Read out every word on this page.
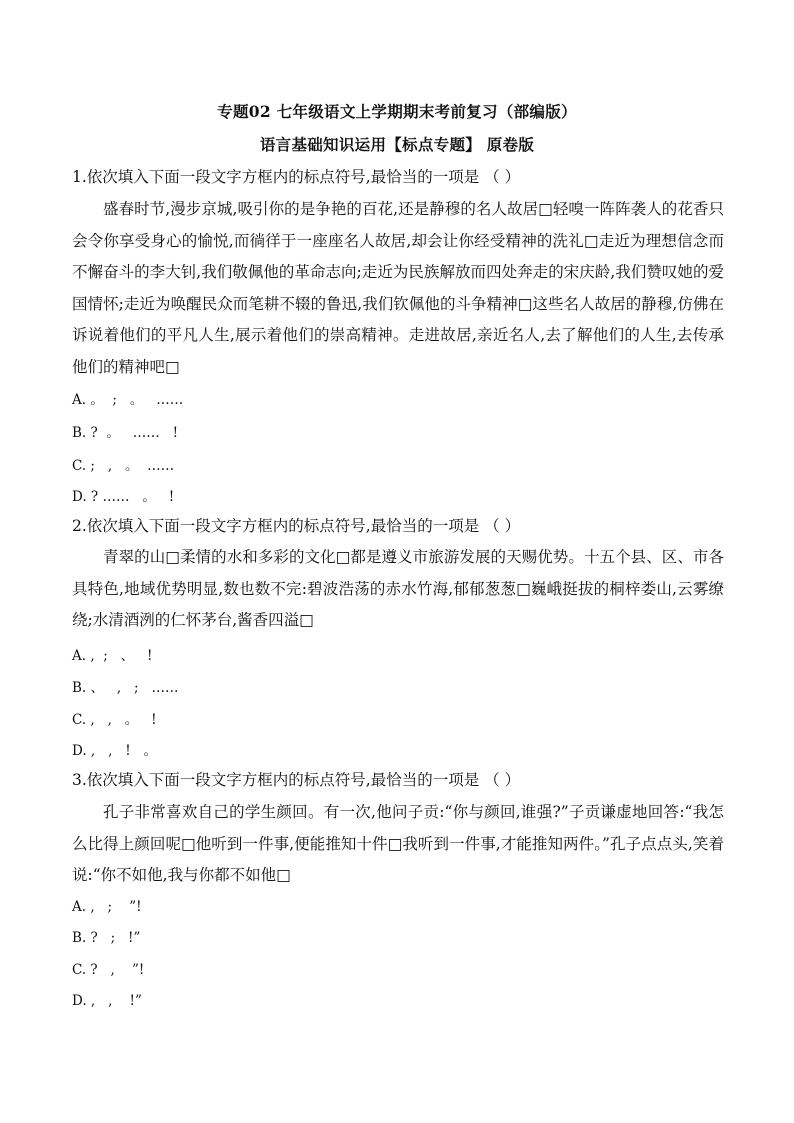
专题02 七年级语文上学期期末考前复习（部编版）
语言基础知识运用【标点专题】 原卷版
1.依次填入下面一段文字方框内的标点符号,最恰当的一项是 （ ）
盛春时节,漫步京城,吸引你的是争艳的百花,还是静穆的名人故居□轻嗅一阵阵袭人的花香只会令你享受身心的愉悦,而徜徉于一座座名人故居,却会让你经受精神的洗礼□走近为理想信念而不懈奋斗的李大钊,我们敬佩他的革命志向;走近为民族解放而四处奔走的宋庆龄,我们赞叹她的爱国情怀;走近为唤醒民众而笔耕不辍的鲁迅,我们钦佩他的斗争精神□这些名人故居的静穆,仿佛在诉说着他们的平凡人生,展示着他们的崇高精神。走进故居,亲近名人,去了解他们的人生,去传承他们的精神吧□
A. 。  ;   。   ……
B. ?  。   ……   !
C. ;   ,   。  ……
D. ? ……   。   !
2.依次填入下面一段文字方框内的标点符号,最恰当的一项是 （ ）
青翠的山□柔情的水和多彩的文化□都是遵义市旅游发展的天赐优势。十五个县、区、市各具特色,地域优势明显,数也数不完:碧波浩荡的赤水竹海,郁郁葱葱□巍峨挺拔的桐梓娄山,云雾缭绕;水清酒洌的仁怀茅台,酱香四溢□
A. ,  ;   、   !
B. 、   ,   ;   ……
C. ,   ,   。   !
D. ,   ,   !   。
3.依次填入下面一段文字方框内的标点符号,最恰当的一项是 （ ）
孔子非常喜欢自己的学生颜回。有一次,他问子贡:“你与颜回,谁强?”子贡谦虚地回答:“我怎么比得上颜回呢□他听到一件事,便能推知十件□我听到一件事,才能推知两件。”孔子点点头,笑着说:“你不如他,我与你都不如他□
A. ,   ;    ”!
B. ?   ;   !”
C. ?   ,    ”!
D. ,   ,    !”
